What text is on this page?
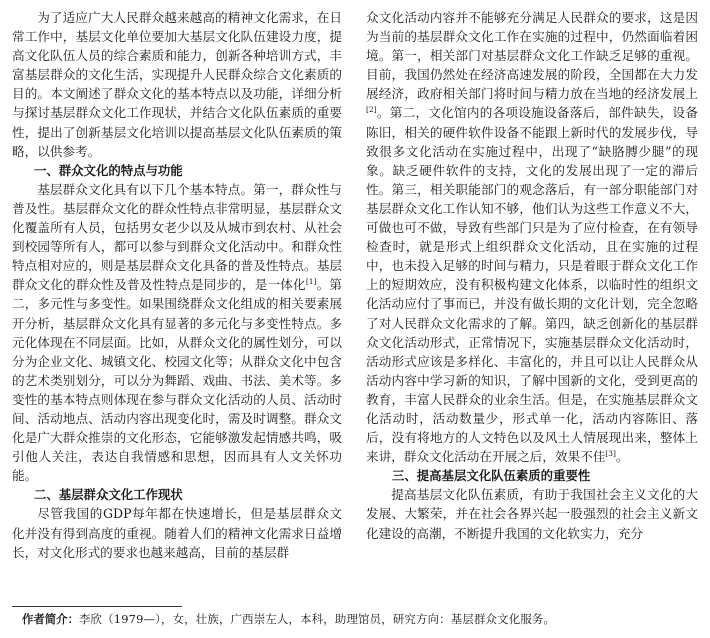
为了适应广大人民群众越来越高的精神文化需求，在日常工作中，基层文化单位要加大基层文化队伍建设力度，提高文化队伍人员的综合素质和能力，创新各种培训方式，丰富基层群众的文化生活，实现提升人民群众综合文化素质的目的。本文阐述了群众文化的基本特点以及功能，详细分析与探讨基层群众文化工作现状，并结合文化队伍素质的重要性，提出了创新基层文化培训以提高基层文化队伍素质的策略，以供参考。

一、群众文化的特点与功能

基层群众文化具有以下几个基本特点。第一，群众性与普及性。基层群众文化的群众性特点非常明显，基层群众文化覆盖所有人员，包括男女老少以及从城市到农村、从社会到校园等所有人，都可以参与到群众文化活动中。和群众性特点相对应的，则是基层群众文化具备的普及性特点。基层群众文化的群众性及普及性特点是同步的，是一体化[1]。第二，多元性与多变性。如果围绕群众文化组成的相关要素展开分析，基层群众文化具有显著的多元化与多变性特点。多元化体现在不同层面。比如，从群众文化的属性划分，可以分为企业文化、城镇文化、校园文化等；从群众文化中包含的艺术类别划分，可以分为舞蹈、戏曲、书法、美术等。多变性的基本特点则体现在参与群众文化活动的人员、活动时间、活动地点、活动内容出现变化时，需及时调整。群众文化是广大群众推崇的文化形态，它能够激发起情感共鸣，吸引他人关注，表达自我情感和思想，因而具有人文关怀功能。

二、基层群众文化工作现状

尽管我国的GDP每年都在快速增长，但是基层群众文化并没有得到高度的重视。随着人们的精神文化需求日益增长，对文化形式的要求也越来越高，目前的基层群

众文化活动内容并不能够充分满足人民群众的要求，这是因为当前的基层群众文化工作在实施的过程中，仍然面临着困境。第一，相关部门对基层群众文化工作缺乏足够的重视。目前，我国仍然处在经济高速发展的阶段，全国都在大力发展经济，政府相关部门将时间与精力放在当地的经济发展上[2]。第二，文化馆内的各项设施设备落后，部件缺失，设备陈旧，相关的硬件软件设备不能跟上新时代的发展步伐，导致很多文化活动在实施过程中，出现了“缺胳膊少腿”的现象。缺乏硬件软件的支持，文化的发展出现了一定的滞后性。第三，相关职能部门的观念落后，有一部分职能部门对基层群众文化工作认知不够，他们认为这些工作意义不大，可做也可不做，导致有些部门只是为了应付检查，在有领导检查时，就是形式上组织群众文化活动，且在实施的过程中，也未投入足够的时间与精力，只是着眼于群众文化工作上的短期效应，没有积极构建文化体系，以临时性的组织文化活动应付了事而已，并没有做长期的文化计划，完全忽略了对人民群众文化需求的了解。第四，缺乏创新化的基层群众文化活动形式，正常情况下，实施基层群众文化活动时，活动形式应该是多样化、丰富化的，并且可以让人民群众从活动内容中学习新的知识，了解中国新的文化，受到更高的教育，丰富人民群众的业余生活。但是，在实施基层群众文化活动时，活动数量少，形式单一化，活动内容陈旧、落后，没有将地方的人文特色以及风土人情展现出来，整体上来讲，群众文化活动在开展之后，效果不佳[3]。

三、提高基层文化队伍素质的重要性

提高基层文化队伍素质，有助于我国社会主义文化的大发展、大繁荣，并在社会各界兴起一股强烈的社会主义新文化建设的高潮，不断提升我国的文化软实力，充分

作者简介：李欣（1979—），女，壮族，广西崇左人，本科，助理馆员，研究方向：基层群众文化服务。
